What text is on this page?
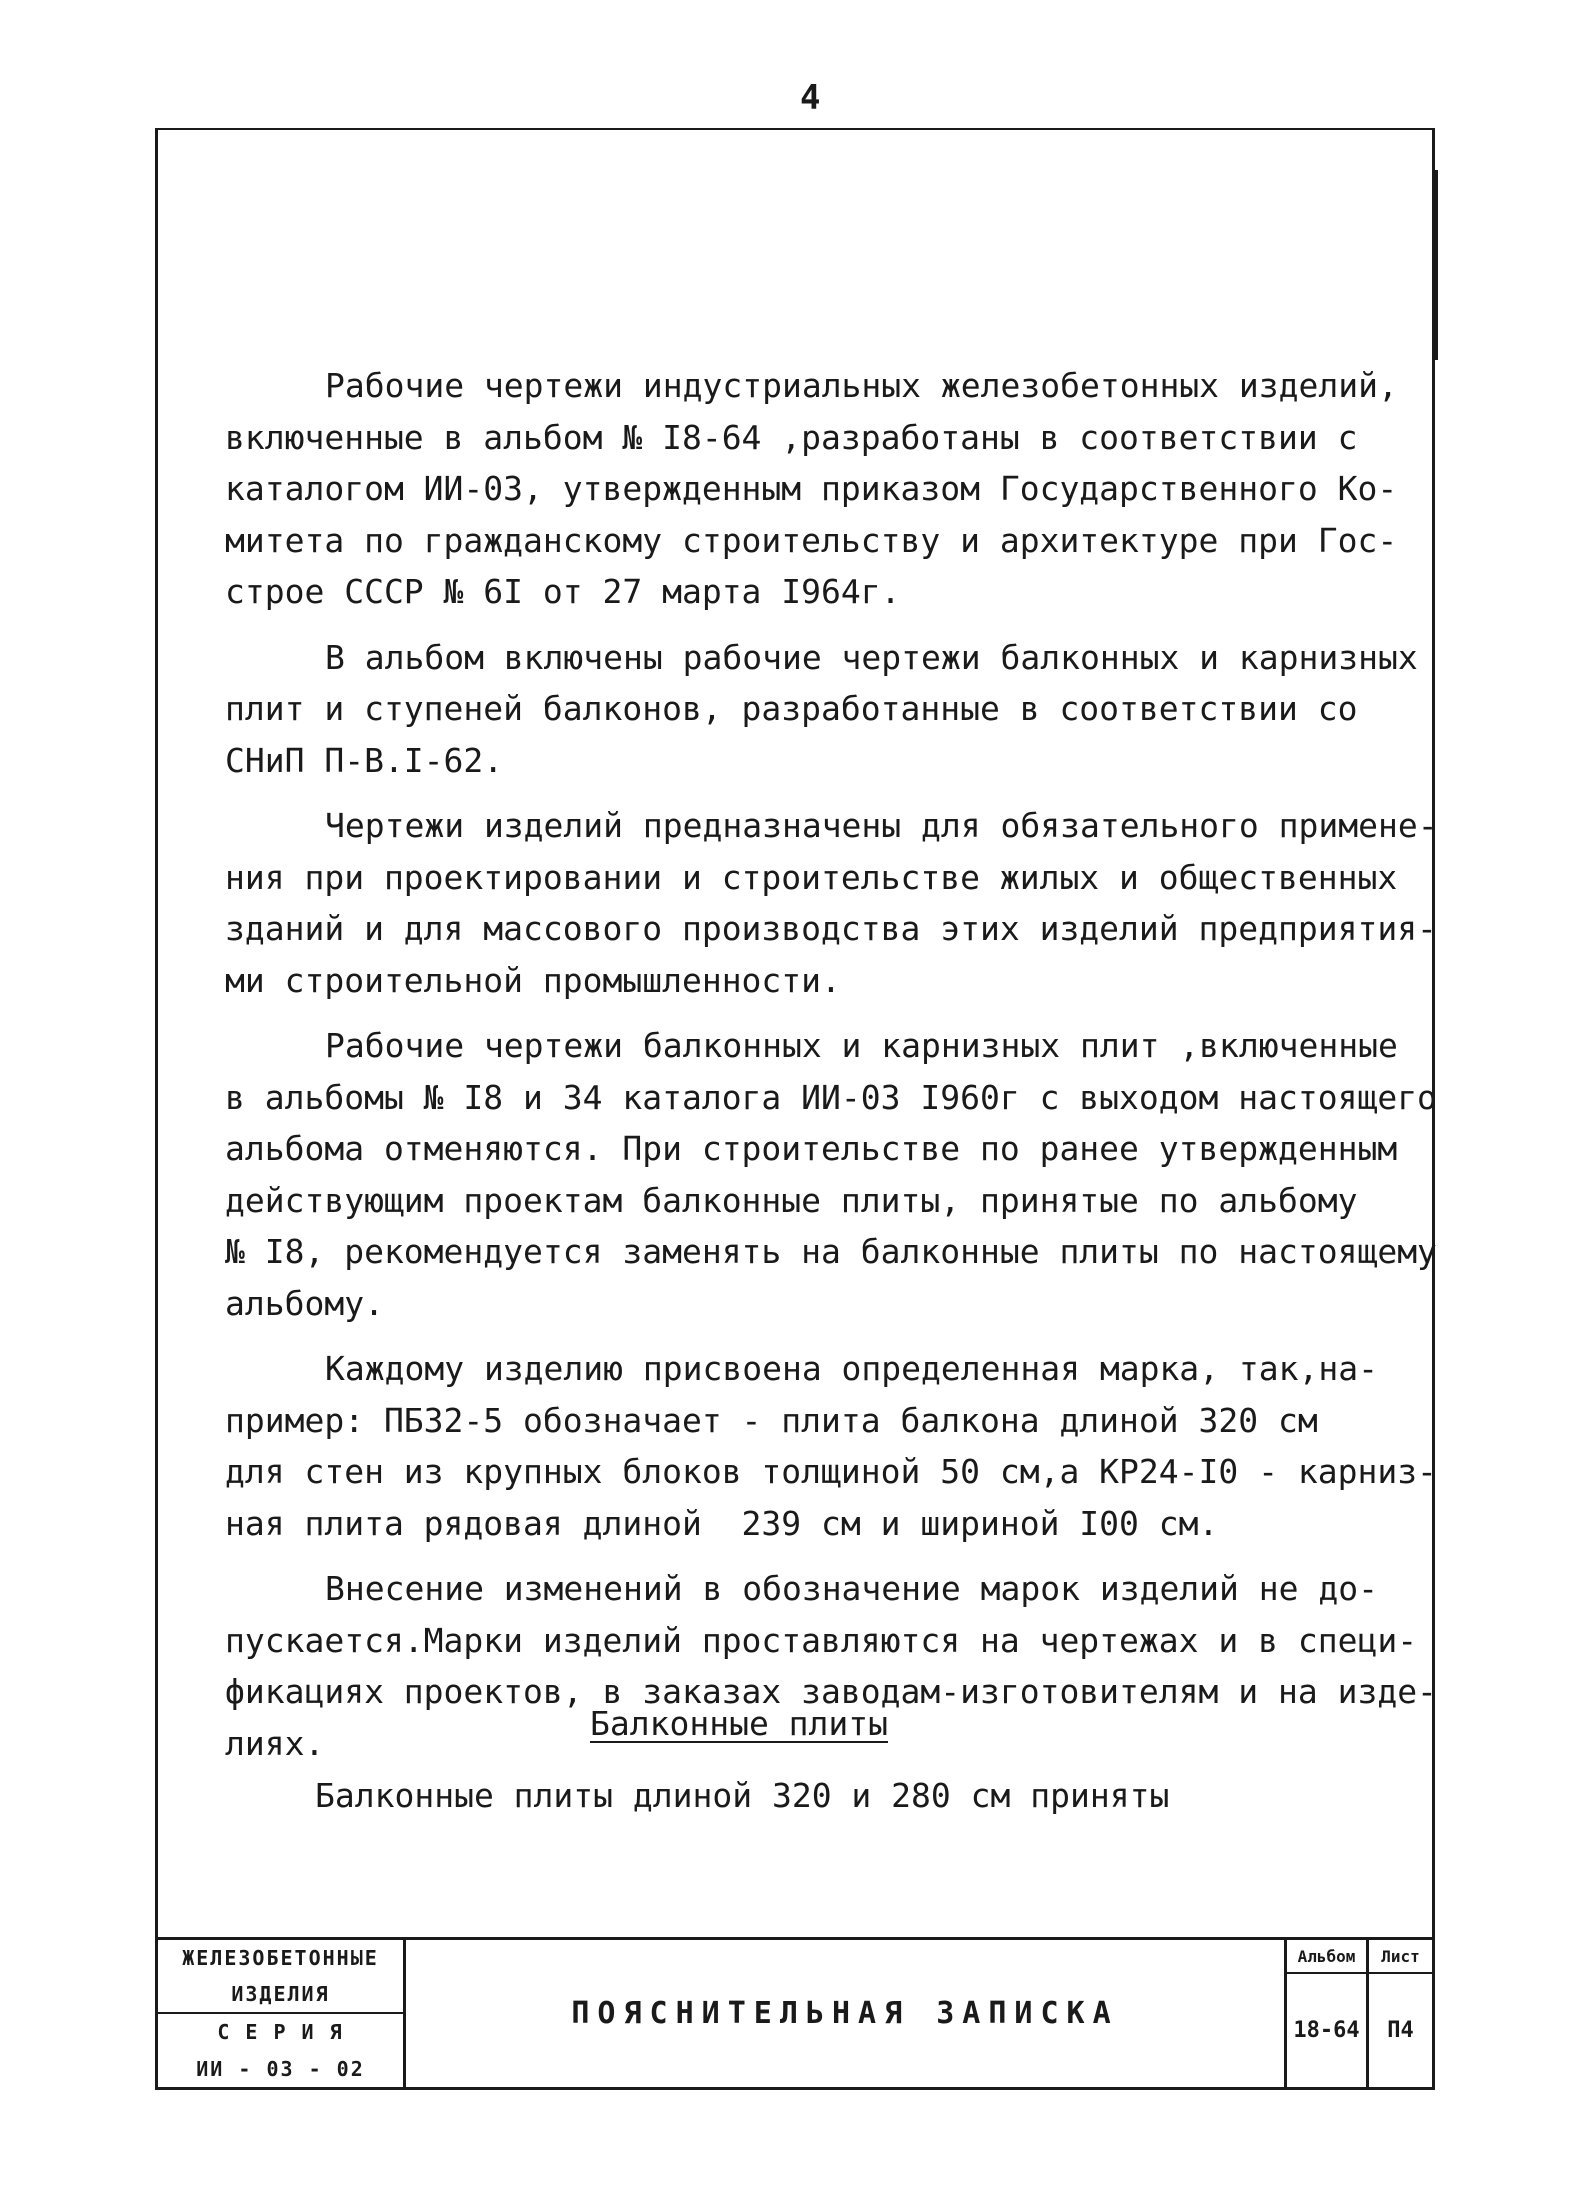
4
ЖЕЛЕЗОБЕТОННЫЕ
ИЗДЕЛИЯ
С Е Р И Я
ИИ - 03 - 02
ПОЯСНИТЕЛЬНАЯ ЗАПИСКА
Альбом
18-64
Лист
П4

Рабочие чертежи индустриальных железобетонных изделий,
включенные в альбом № I8-64 ,разработаны в соответствии с
каталогом ИИ-03, утвержденным приказом Государственного Ко-
митета по гражданскому строительству и архитектуре при Гос-
строе СССР № 6I от 27 марта I964г.

В альбом включены рабочие чертежи балконных и карнизных
плит и ступеней балконов, разработанные в соответствии со
СНиП П-В.I-62.

Чертежи изделий предназначены для обязательного примене-
ния при проектировании и строительстве жилых и общественных
зданий и для массового производства этих изделий предприятия-
ми строительной промышленности.

Рабочие чертежи балконных и карнизных плит ,включенные
в альбомы № I8 и 34 каталога ИИ-03 I960г с выходом настоящего
альбома отменяются. При строительстве по ранее утвержденным
действующим проектам балконные плиты, принятые по альбому
№ I8, рекомендуется заменять на балконные плиты по настоящему
альбому.

Каждому изделию присвоена определенная марка, так,на-
пример: ПБ32-5 обозначает - плита балкона длиной 320 см
для стен из крупных блоков толщиной 50 см,а КР24-I0 - карниз-
ная плита рядовая длиной  239 см и шириной I00 см.

Внесение изменений в обозначение марок изделий не до-
пускается.Марки изделий проставляются на чертежах и в специ-
фикациях проектов, в заказах заводам-изготовителям и на изде-
лиях.	Балконные плиты
Балконные плиты длиной 320 и 280 см приняты
